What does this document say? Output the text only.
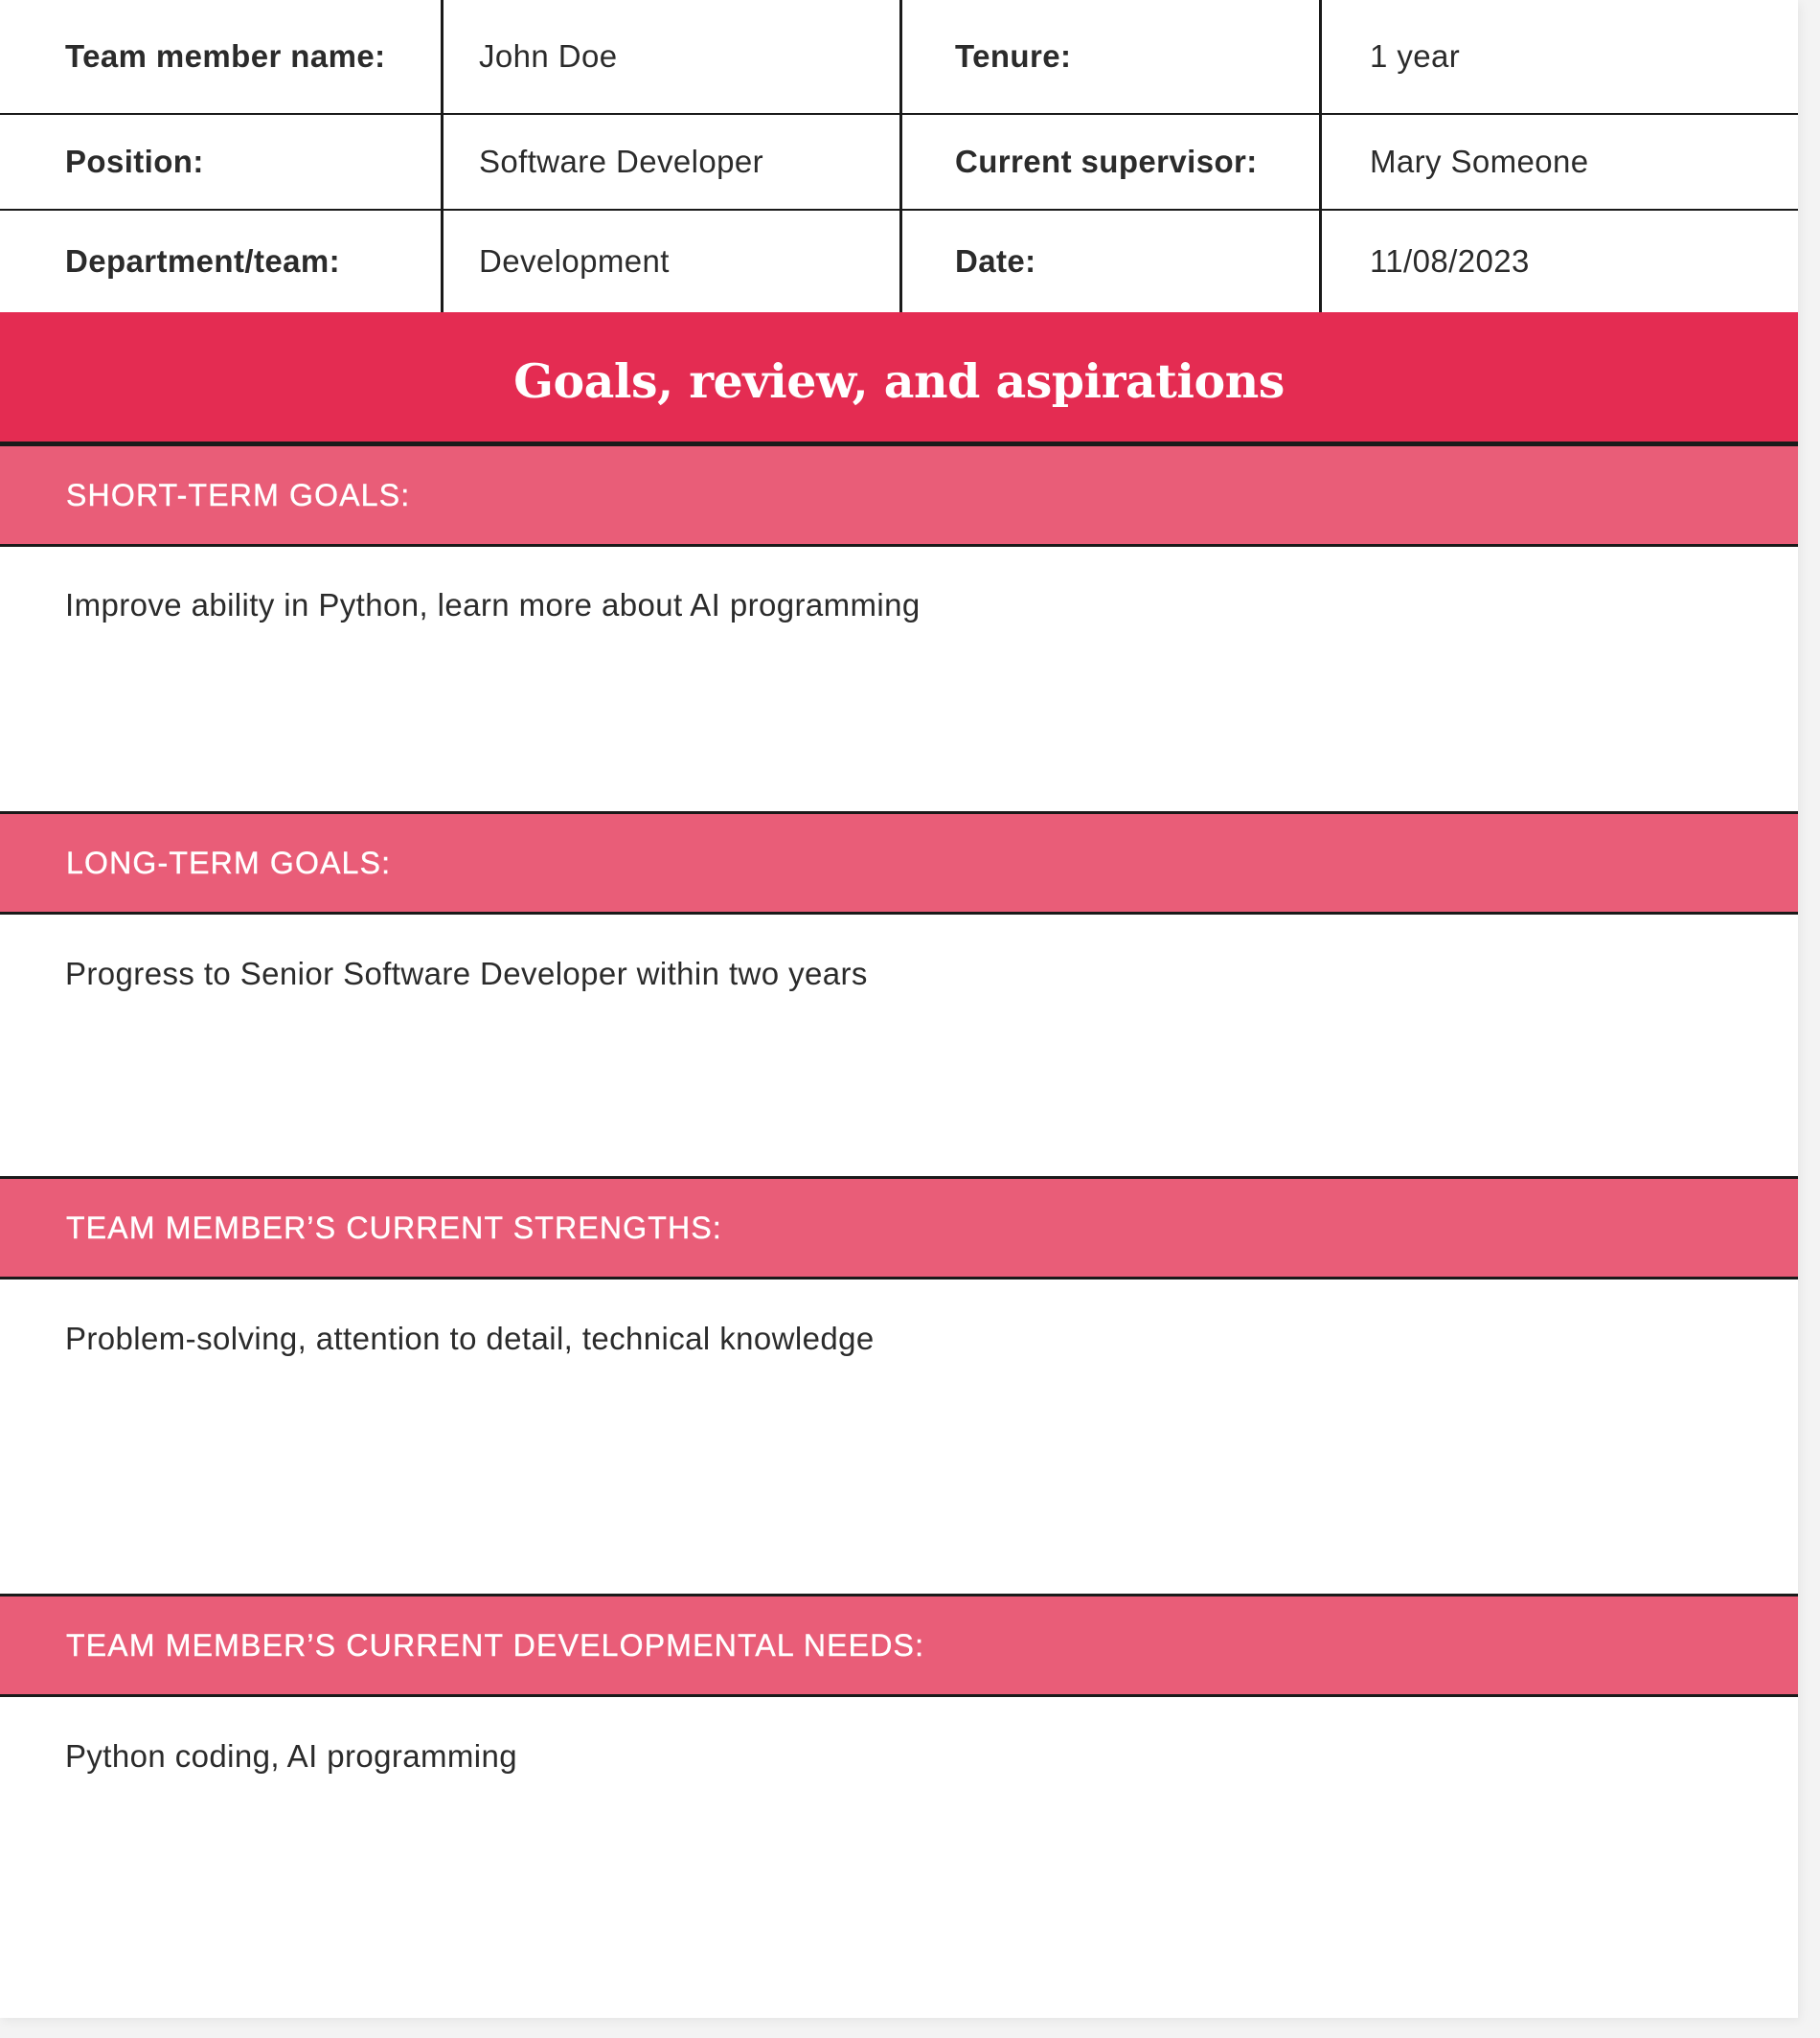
Team member name:	John Doe	Tenure:	1 year
Position:	Software Developer	Current supervisor:	Mary Someone
Department/team:	Development	Date:	11/08/2023
Goals, review, and aspirations
SHORT-TERM GOALS:
Improve ability in Python, learn more about AI programming
LONG-TERM GOALS:
Progress to Senior Software Developer within two years
TEAM MEMBER’S CURRENT STRENGTHS:
Problem-solving, attention to detail, technical knowledge
TEAM MEMBER’S CURRENT DEVELOPMENTAL NEEDS:
Python coding, AI programming
